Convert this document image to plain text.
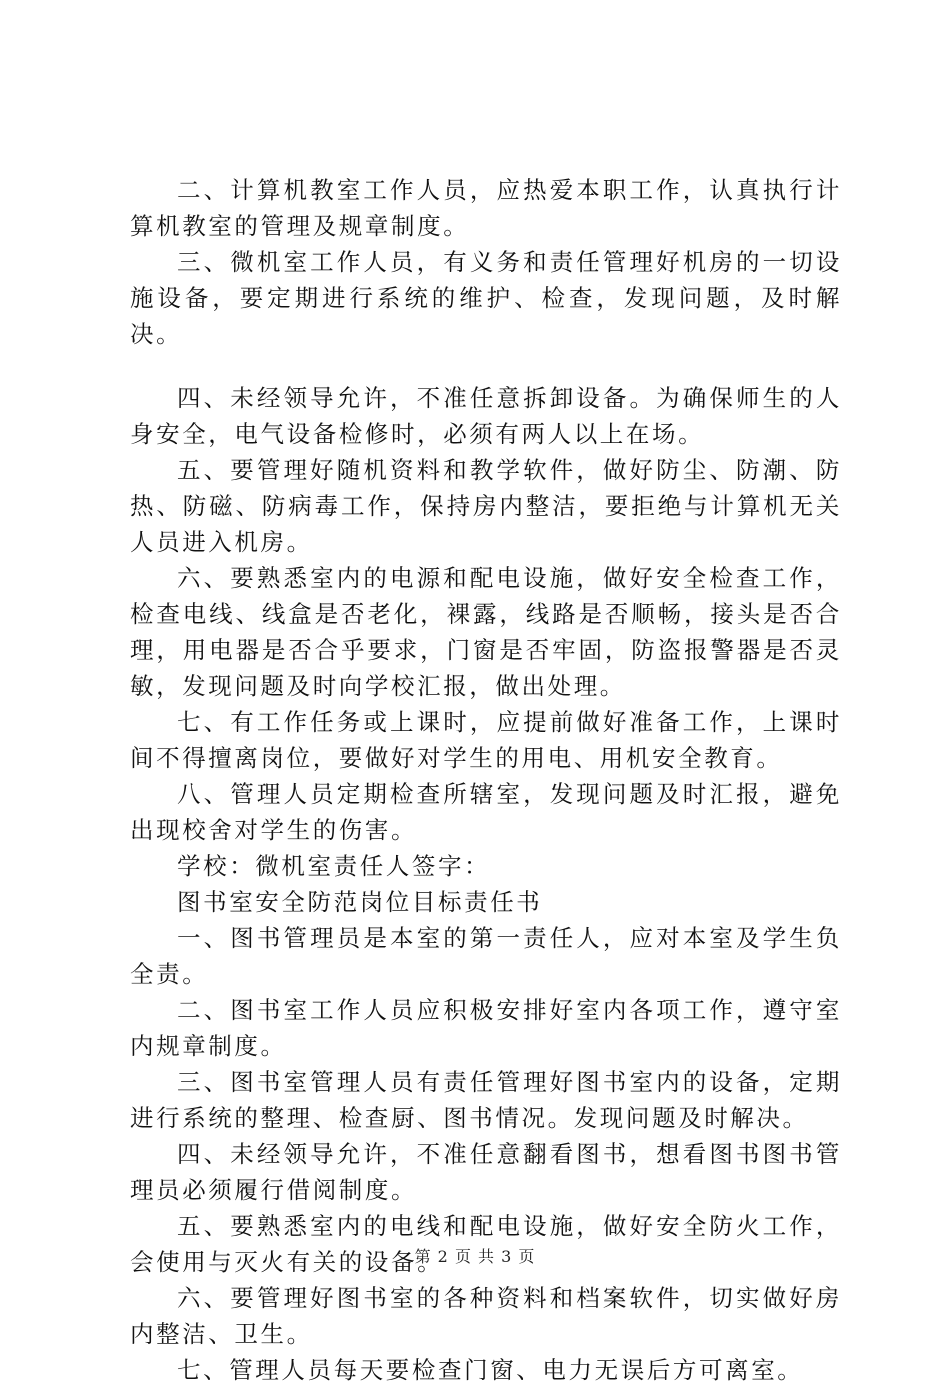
二、计算机教室工作人员，应热爱本职工作，认真执行计算机教室的管理及规章制度。

三、微机室工作人员，有义务和责任管理好机房的一切设施设备，要定期进行系统的维护、检查，发现问题，及时解决。

四、未经领导允许，不准任意拆卸设备。为确保师生的人身安全，电气设备检修时，必须有两人以上在场。

五、要管理好随机资料和教学软件，做好防尘、防潮、防热、防磁、防病毒工作，保持房内整洁，要拒绝与计算机无关人员进入机房。

六、要熟悉室内的电源和配电设施，做好安全检查工作，检查电线、线盒是否老化，裸露，线路是否顺畅，接头是否合理，用电器是否合乎要求，门窗是否牢固，防盗报警器是否灵敏，发现问题及时向学校汇报，做出处理。

七、有工作任务或上课时，应提前做好准备工作，上课时间不得擅离岗位，要做好对学生的用电、用机安全教育。

八、管理人员定期检查所辖室，发现问题及时汇报，避免出现校舍对学生的伤害。

学校：微机室责任人签字：

图书室安全防范岗位目标责任书

一、图书管理员是本室的第一责任人，应对本室及学生负全责。

二、图书室工作人员应积极安排好室内各项工作，遵守室内规章制度。

三、图书室管理人员有责任管理好图书室内的设备，定期进行系统的整理、检查厨、图书情况。发现问题及时解决。

四、未经领导允许，不准任意翻看图书，想看图书图书管理员必须履行借阅制度。

五、要熟悉室内的电线和配电设施，做好安全防火工作，会使用与灭火有关的设备。

六、要管理好图书室的各种资料和档案软件，切实做好房内整洁、卫生。

七、管理人员每天要检查门窗、电力无误后方可离室。

第 2 页 共 3 页
